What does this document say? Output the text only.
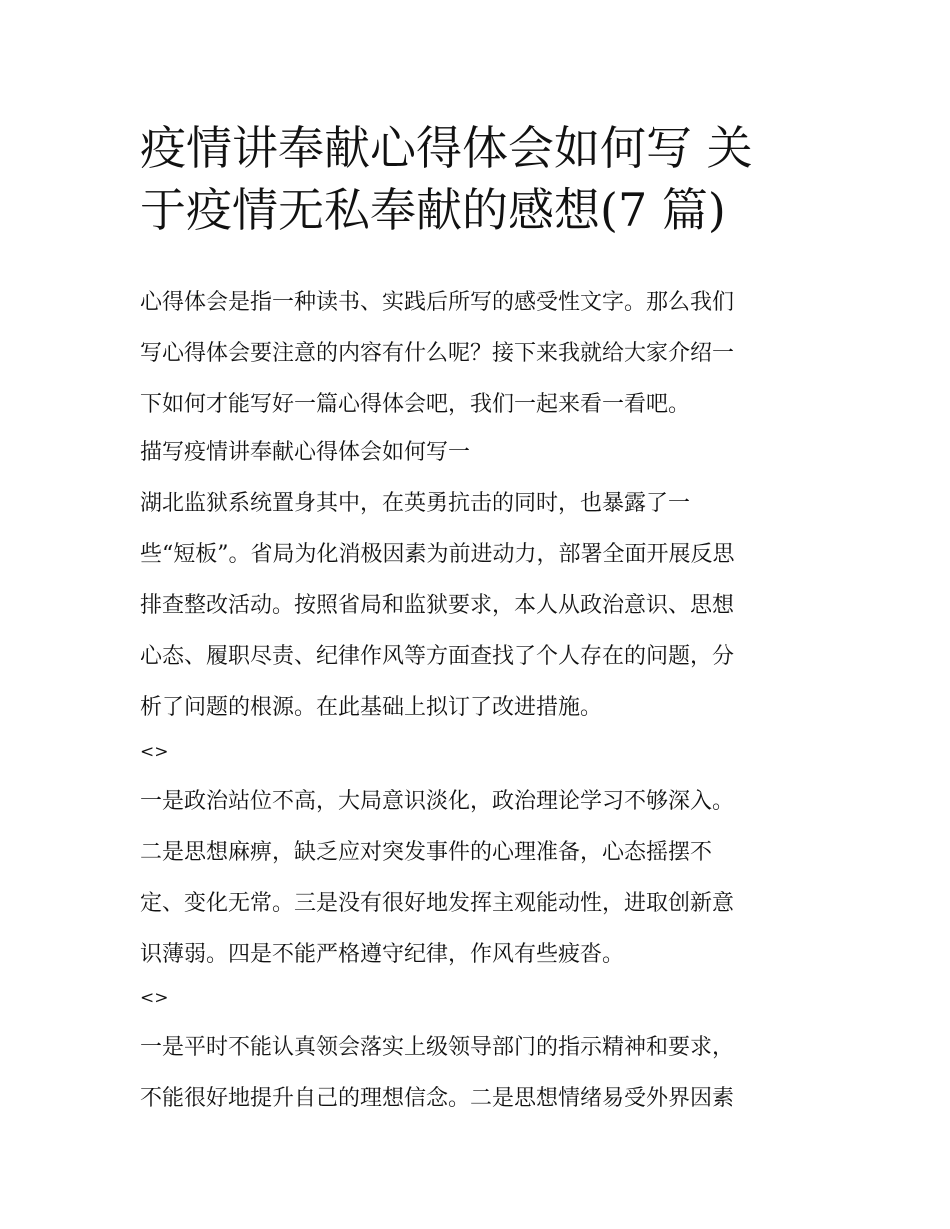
疫情讲奉献心得体会如何写 关
于疫情无私奉献的感想(7 篇)
心得体会是指一种读书、实践后所写的感受性文字。那么我们
写心得体会要注意的内容有什么呢？接下来我就给大家介绍一
下如何才能写好一篇心得体会吧，我们一起来看一看吧。
描写疫情讲奉献心得体会如何写一
湖北监狱系统置身其中，在英勇抗击的同时，也暴露了一
些“短板”。省局为化消极因素为前进动力，部署全面开展反思
排查整改活动。按照省局和监狱要求，本人从政治意识、思想
心态、履职尽责、纪律作风等方面查找了个人存在的问题，分
析了问题的根源。在此基础上拟订了改进措施。
<>
一是政治站位不高，大局意识淡化，政治理论学习不够深入。
二是思想麻痹，缺乏应对突发事件的心理准备，心态摇摆不
定、变化无常。三是没有很好地发挥主观能动性，进取创新意
识薄弱。四是不能严格遵守纪律，作风有些疲沓。
<>
一是平时不能认真领会落实上级领导部门的指示精神和要求，
不能很好地提升自己的理想信念。二是思想情绪易受外界因素
